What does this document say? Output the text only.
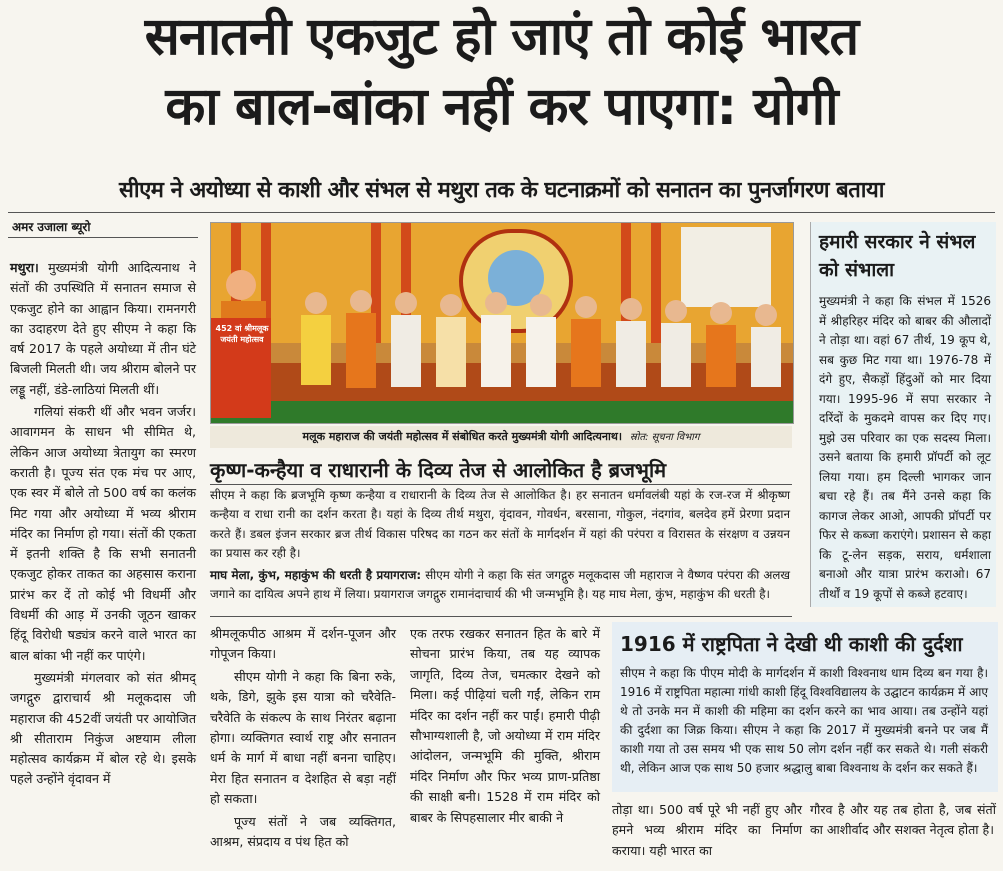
सनातनी एकजुट हो जाएं तो कोई भारत
का बाल-बांका नहीं कर पाएगा: योगी
सीएम ने अयोध्या से काशी और संभल से मथुरा तक के घटनाक्रमों को सनातन का पुनर्जागरण बताया
अमर उजाला ब्यूरो

मथुरा। मुख्यमंत्री योगी आदित्यनाथ ने संतों की उपस्थिति में सनातन समाज से एकजुट होने का आह्वान किया। रामनगरी का उदाहरण देते हुए सीएम ने कहा कि वर्ष 2017 के पहले अयोध्या में तीन घंटे बिजली मिलती थी। जय श्रीराम बोलने पर लड्डू नहीं, डंडे-लाठियां मिलती थीं।

गलियां संकरी थीं और भवन जर्जर। आवागमन के साधन भी सीमित थे, लेकिन आज अयोध्या त्रेतायुग का स्मरण कराती है। पूज्य संत एक मंच पर आए, एक स्वर में बोले तो 500 वर्ष का कलंक मिट गया और अयोध्या में भव्य श्रीराम मंदिर का निर्माण हो गया। संतों की एकता में इतनी शक्ति है कि सभी सनातनी एकजुट होकर ताकत का अहसास कराना प्रारंभ कर दें तो कोई भी विधर्मी और विधर्मी की आड़ में उनकी जूठन खाकर हिंदू विरोधी षड्यंत्र करने वाले भारत का बाल बांका भी नहीं कर पाएंगे।

मुख्यमंत्री मंगलवार को संत श्रीमद् जगद्गुरु द्वाराचार्य श्री मलूकदास जी महाराज की 452वीं जयंती पर आयोजित श्री सीताराम निकुंज अष्टयाम लीला महोत्सव कार्यक्रम में बोल रहे थे। इसके पहले उन्होंने वृंदावन में

452 वां श्रीमलूक जयंती महोत्सव
मलूक महाराज की जयंती महोत्सव में संबोधित करते मुख्यमंत्री योगी आदित्यनाथ। स्रोत: सूचना विभाग
कृष्ण-कन्हैया व राधारानी के दिव्य तेज से आलोकित है ब्रजभूमि
सीएम ने कहा कि ब्रजभूमि कृष्ण कन्हैया व राधारानी के दिव्य तेज से आलोकित है। हर सनातन धर्मावलंबी यहां के रज-रज में श्रीकृष्ण कन्हैया व राधा रानी का दर्शन करता है। यहां के दिव्य तीर्थ मथुरा, वृंदावन, गोवर्धन, बरसाना, गोकुल, नंदगांव, बलदेव हमें प्रेरणा प्रदान करते हैं। डबल इंजन सरकार ब्रज तीर्थ विकास परिषद का गठन कर संतों के मार्गदर्शन में यहां की परंपरा व विरासत के संरक्षण व उन्नयन का प्रयास कर रही है।
माघ मेला, कुंभ, महाकुंभ की धरती है प्रयागराज: सीएम योगी ने कहा कि संत जगद्गुरु मलूकदास जी महाराज ने वैष्णव परंपरा की अलख जगाने का दायित्व अपने हाथ में लिया। प्रयागराज जगद्गुरु रामानंदाचार्य की भी जन्मभूमि है। यह माघ मेला, कुंभ, महाकुंभ की धरती है।

श्रीमलूकपीठ आश्रम में दर्शन-पूजन और गोपूजन किया।

सीएम योगी ने कहा कि बिना रुके, थके, डिगे, झुके इस यात्रा को चरैवेति-चरैवेति के संकल्प के साथ निरंतर बढ़ाना होगा। व्यक्तिगत स्वार्थ राष्ट्र और सनातन धर्म के मार्ग में बाधा नहीं बनना चाहिए। मेरा हित सनातन व देशहित से बड़ा नहीं हो सकता।

पूज्य संतों ने जब व्यक्तिगत, आश्रम, संप्रदाय व पंथ हित को

एक तरफ रखकर सनातन हित के बारे में सोचना प्रारंभ किया, तब यह व्यापक जागृति, दिव्य तेज, चमत्कार देखने को मिला। कई पीढ़ियां चली गईं, लेकिन राम मंदिर का दर्शन नहीं कर पाईं। हमारी पीढ़ी सौभाग्यशाली है, जो अयोध्या में राम मंदिर आंदोलन, जन्मभूमि की मुक्ति, श्रीराम मंदिर निर्माण और फिर भव्य प्राण-प्रतिष्ठा की साक्षी बनी। 1528 में राम मंदिर को बाबर के सिपहसालार मीर बाकी ने

हमारी सरकार ने संभल को संभाला
मुख्यमंत्री ने कहा कि संभल में 1526 में श्रीहरिहर मंदिर को बाबर की औलादों ने तोड़ा था। वहां 67 तीर्थ, 19 कूप थे, सब कुछ मिट गया था। 1976-78 में दंगे हुए, सैकड़ों हिंदुओं को मार दिया गया। 1995-96 में सपा सरकार ने दरिंदों के मुकदमे वापस कर दिए गए। मुझे उस परिवार का एक सदस्य मिला। उसने बताया कि हमारी प्रॉपर्टी को लूट लिया गया। हम दिल्ली भागकर जान बचा रहे हैं। तब मैंने उनसे कहा कि कागज लेकर आओ, आपकी प्रॉपर्टी पर फिर से कब्जा कराएंगे। प्रशासन से कहा कि टू-लेन सड़क, सराय, धर्मशाला बनाओ और यात्रा प्रारंभ कराओ। 67 तीर्थों व 19 कूपों से कब्जे हटवाए।
1916 में राष्ट्रपिता ने देखी थी काशी की दुर्दशा
सीएम ने कहा कि पीएम मोदी के मार्गदर्शन में काशी विश्वनाथ धाम दिव्य बन गया है। 1916 में राष्ट्रपिता महात्मा गांधी काशी हिंदू विश्वविद्यालय के उद्घाटन कार्यक्रम में आए थे तो उनके मन में काशी की महिमा का दर्शन करने का भाव आया। तब उन्होंने यहां की दुर्दशा का जिक्र किया। सीएम ने कहा कि 2017 में मुख्यमंत्री बनने पर जब मैं काशी गया तो उस समय भी एक साथ 50 लोग दर्शन नहीं कर सकते थे। गली संकरी थी, लेकिन आज एक साथ 50 हजार श्रद्धालु बाबा विश्वनाथ के दर्शन कर सकते हैं।

तोड़ा था। 500 वर्ष पूरे भी नहीं हुए और हमने भव्य श्रीराम मंदिर का निर्माण कराया। यही भारत का

गौरव है और यह तब होता है, जब संतों का आशीर्वाद और सशक्त नेतृत्व होता है।
